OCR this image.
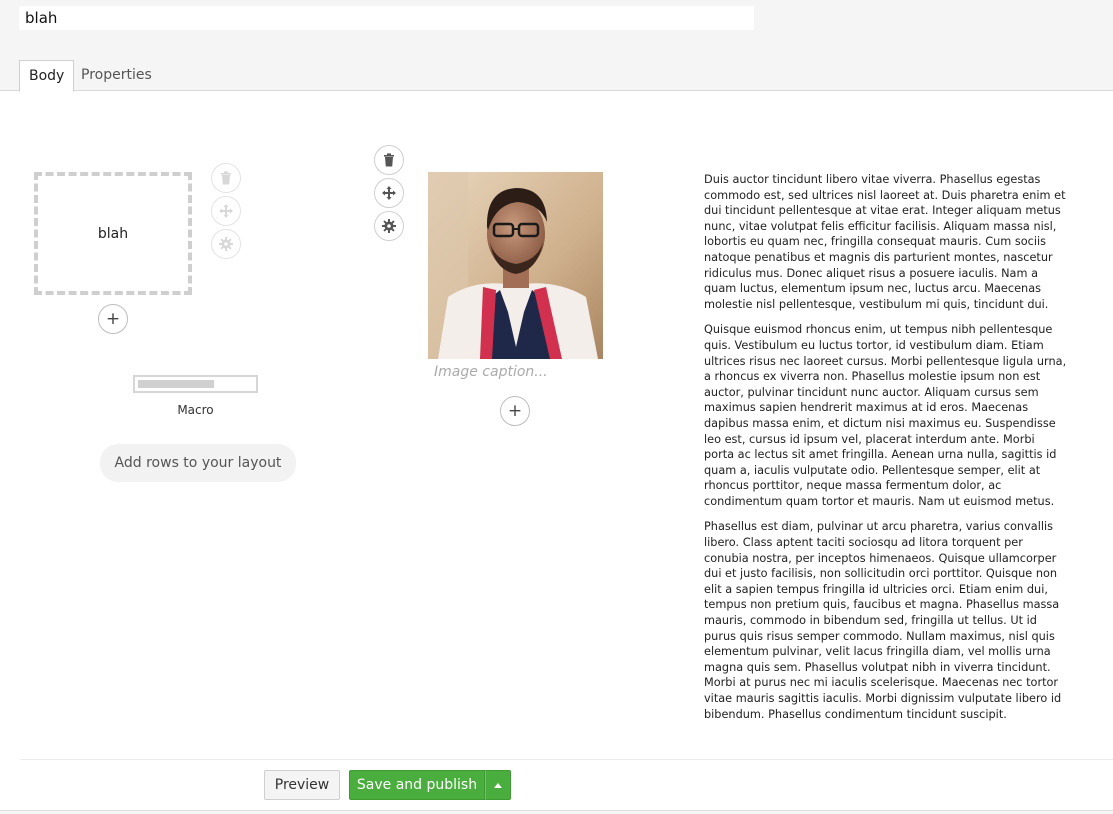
blah
Body	Properties
blah
+
Macro
Add rows to your layout
Image caption...
+

Duis auctor tincidunt libero vitae viverra. Phasellus egestas commodo est, sed ultrices nisl laoreet at. Duis pharetra enim et dui tincidunt pellentesque at vitae erat. Integer aliquam metus nunc, vitae volutpat felis efficitur facilisis. Aliquam massa nisl, lobortis eu quam nec, fringilla consequat mauris. Cum sociis natoque penatibus et magnis dis parturient montes, nascetur ridiculus mus. Donec aliquet risus a posuere iaculis. Nam a quam luctus, elementum ipsum nec, luctus arcu. Maecenas molestie nisl pellentesque, vestibulum mi quis, tincidunt dui.

Quisque euismod rhoncus enim, ut tempus nibh pellentesque quis. Vestibulum eu luctus tortor, id vestibulum diam. Etiam ultrices risus nec laoreet cursus. Morbi pellentesque ligula urna, a rhoncus ex viverra non. Phasellus molestie ipsum non est auctor, pulvinar tincidunt nunc auctor. Aliquam cursus sem maximus sapien hendrerit maximus at id eros. Maecenas dapibus massa enim, et dictum nisi maximus eu. Suspendisse leo est, cursus id ipsum vel, placerat interdum ante. Morbi porta ac lectus sit amet fringilla. Aenean urna nulla, sagittis id quam a, iaculis vulputate odio. Pellentesque semper, elit at rhoncus porttitor, neque massa fermentum dolor, ac condimentum quam tortor et mauris. Nam ut euismod metus.

Phasellus est diam, pulvinar ut arcu pharetra, varius convallis libero. Class aptent taciti sociosqu ad litora torquent per conubia nostra, per inceptos himenaeos. Quisque ullamcorper dui et justo facilisis, non sollicitudin orci porttitor. Quisque non elit a sapien tempus fringilla id ultricies orci. Etiam enim dui, tempus non pretium quis, faucibus et magna. Phasellus massa mauris, commodo in bibendum sed, fringilla ut tellus. Ut id purus quis risus semper commodo. Nullam maximus, nisl quis elementum pulvinar, velit lacus fringilla diam, vel mollis urna magna quis sem. Phasellus volutpat nibh in viverra tincidunt. Morbi at purus nec mi iaculis scelerisque. Maecenas nec tortor vitae mauris sagittis iaculis. Morbi dignissim vulputate libero id bibendum. Phasellus condimentum tincidunt suscipit.

Preview	Save and publish
